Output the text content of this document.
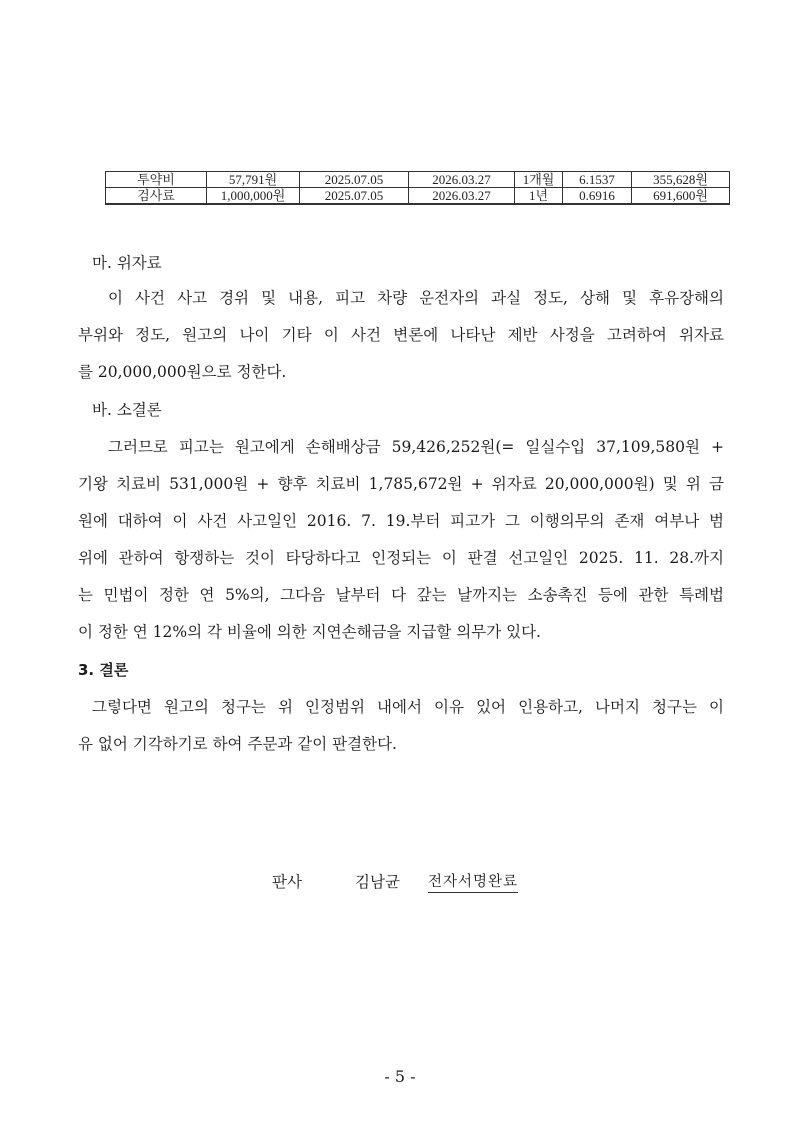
투약비	57,791원	2025.07.05	2026.03.27	1개월	6.1537	355,628원
검사료	1,000,000원	2025.07.05	2026.03.27	1년	0.6916	691,600원
마. 위자료
이 사건 사고 경위 및 내용, 피고 차량 운전자의 과실 정도, 상해 및 후유장해의
부위와 정도, 원고의 나이 기타 이 사건 변론에 나타난 제반 사정을 고려하여 위자료
를 20,000,000원으로 정한다.
바. 소결론
그러므로 피고는 원고에게 손해배상금 59,426,252원(= 일실수입 37,109,580원 +
기왕 치료비 531,000원 + 향후 치료비 1,785,672원 + 위자료 20,000,000원) 및 위 금
원에 대하여 이 사건 사고일인 2016. 7. 19.부터 피고가 그 이행의무의 존재 여부나 범
위에 관하여 항쟁하는 것이 타당하다고 인정되는 이 판결 선고일인 2025. 11. 28.까지
는 민법이 정한 연 5%의, 그다음 날부터 다 갚는 날까지는 소송촉진 등에 관한 특례법
이 정한 연 12%의 각 비율에 의한 지연손해금을 지급할 의무가 있다.
3. 결론
그렇다면 원고의 청구는 위 인정범위 내에서 이유 있어 인용하고, 나머지 청구는 이
유 없어 기각하기로 하여 주문과 같이 판결한다.
판사	김남균 전자서명완료
- 5 -
